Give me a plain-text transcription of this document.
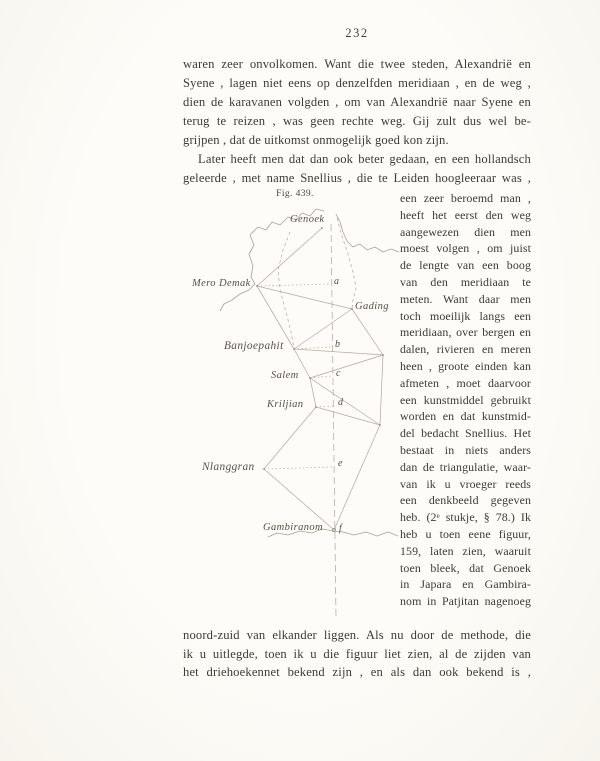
232
waren zeer onvolkomen. Want die twee steden, Alexandrië en
Syene , lagen niet eens op denzelfden meridiaan , en de weg ,
dien de karavanen volgden , om van Alexandrië naar Syene en
terug te reizen , was geen rechte weg. Gij zult dus wel be-
grijpen , dat de uitkomst onmogelijk goed kon zijn.
Later heeft men dat dan ook beter gedaan, en een hollandsch
geleerde , met name Snellius , die te Leiden hoogleeraar was ,
Fig. 439.
Genoek
Mero Demak
Gading
Banjoepahit
Salem
Kriljian
Nlanggran
Gambiranom
a
b
c
d
e
f
een zeer beroemd man ,
heeft het eerst den weg
aangewezen dien men
moest volgen , om juist
de lengte van een boog
van den meridiaan te
meten. Want daar men
toch moeilijk langs een
meridiaan, over bergen en
dalen, rivieren en meren
heen , groote einden kan
afmeten , moet daarvoor
een kunstmiddel gebruikt
worden en dat kunstmid-
del bedacht Snellius. Het
bestaat in niets anders
dan de triangulatie, waar-
van ik u vroeger reeds
een denkbeeld gegeven
heb. (2ᵉ stukje, § 78.) Ik
heb u toen eene figuur,
159, laten zien, waaruit
toen bleek, dat Genoek
in Japara en Gambira-
nom in Patjitan nagenoeg
noord-zuid van elkander liggen. Als nu door de methode, die
ik u uitlegde, toen ik u die figuur liet zien, al de zijden van
het driehoekennet bekend zijn , en als dan ook bekend is ,
